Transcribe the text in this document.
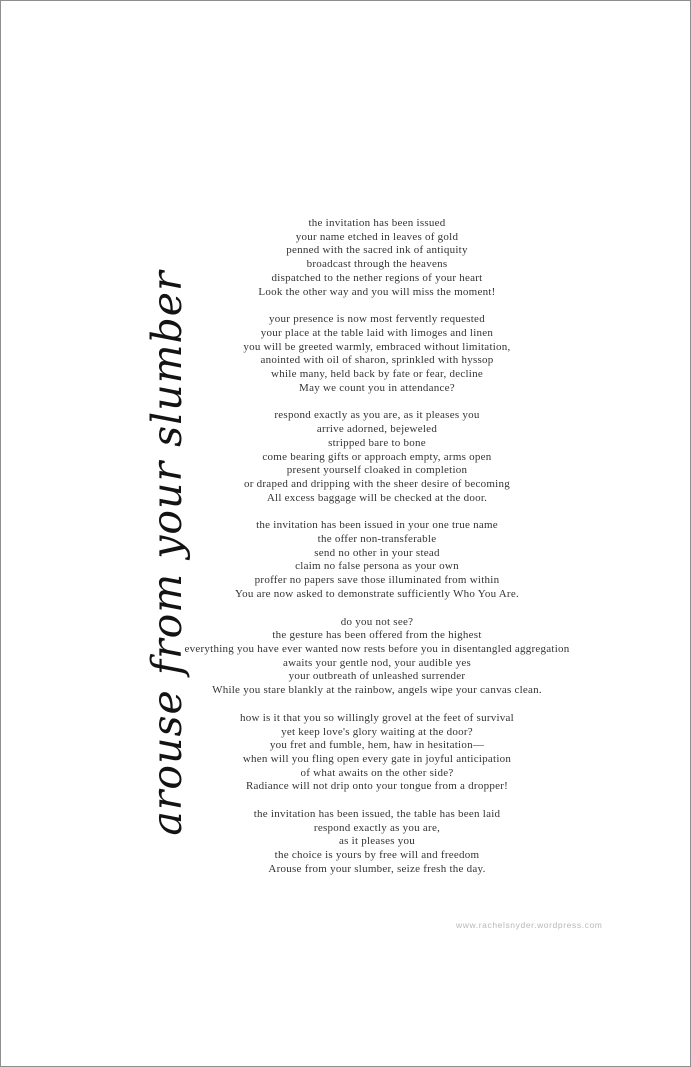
arouse from your slumber
the invitation has been issued
your name etched in leaves of gold
penned with the sacred ink of antiquity
broadcast through the heavens
dispatched to the nether regions of your heart
Look the other way and you will miss the moment!
your presence is now most fervently requested
your place at the table laid with limoges and linen
you will be greeted warmly, embraced without limitation,
anointed with oil of sharon, sprinkled with hyssop
while many, held back by fate or fear, decline
May we count you in attendance?
respond exactly as you are, as it pleases you
arrive adorned, bejeweled
stripped bare to bone
come bearing gifts or approach empty, arms open
present yourself cloaked in completion
or draped and dripping with the sheer desire of becoming
All excess baggage will be checked at the door.
the invitation has been issued in your one true name
the offer non-transferable
send no other in your stead
claim no false persona as your own
proffer no papers save those illuminated from within
You are now asked to demonstrate sufficiently Who You Are.
do you not see?
the gesture has been offered from the highest
everything you have ever wanted now rests before you in disentangled aggregation
awaits your gentle nod, your audible yes
your outbreath of unleashed surrender
While you stare blankly at the rainbow, angels wipe your canvas clean.
how is it that you so willingly grovel at the feet of survival
yet keep love's glory waiting at the door?
you fret and fumble, hem, haw in hesitation—
when will you fling open every gate in joyful anticipation
of what awaits on the other side?
Radiance will not drip onto your tongue from a dropper!
the invitation has been issued, the table has been laid
respond exactly as you are,
as it pleases you
the choice is yours by free will and freedom
Arouse from your slumber, seize fresh the day.
www.rachelsnyder.wordpress.com
